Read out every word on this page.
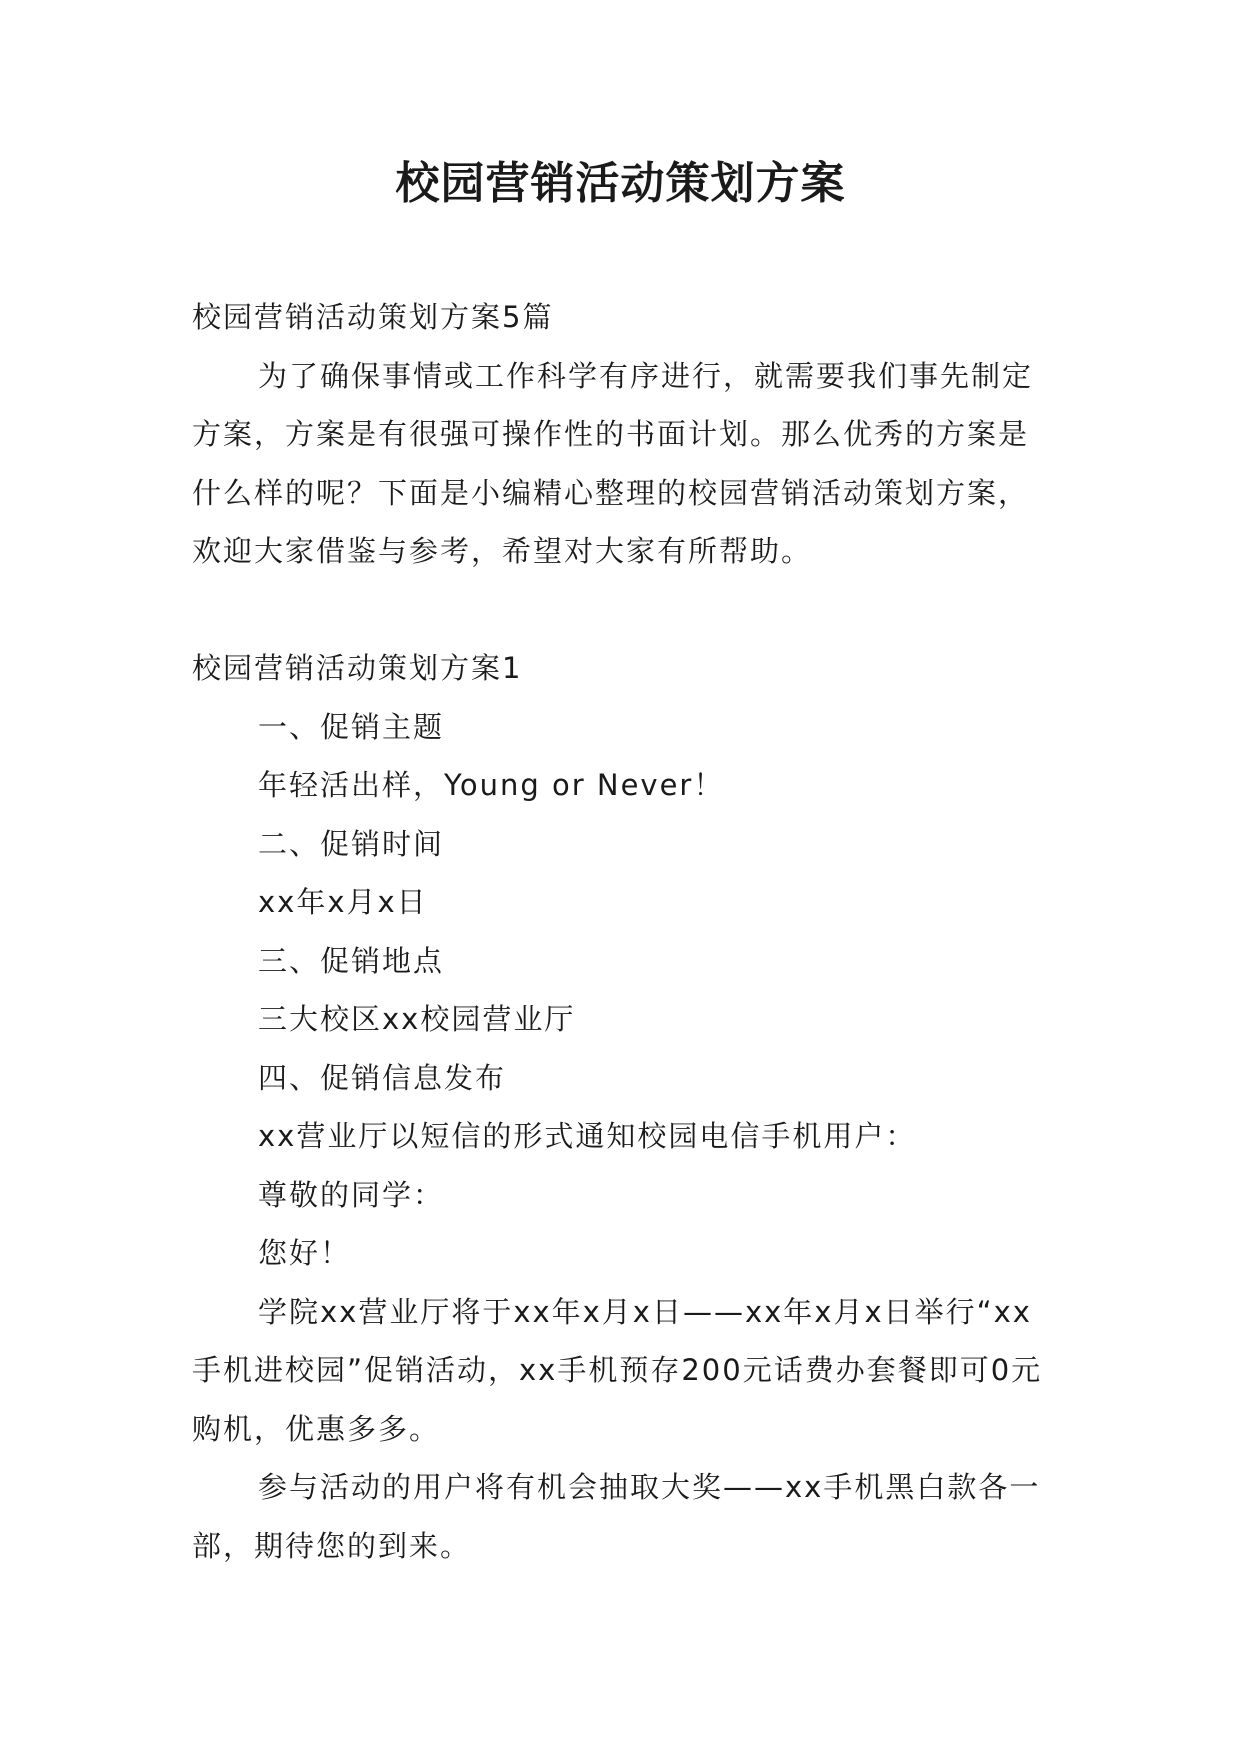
校园营销活动策划方案

校园营销活动策划方案5篇

为了确保事情或工作科学有序进行，就需要我们事先制定方案，方案是有很强可操作性的书面计划。那么优秀的方案是什么样的呢？下面是小编精心整理的校园营销活动策划方案，欢迎大家借鉴与参考，希望对大家有所帮助。

校园营销活动策划方案1

一、促销主题

年轻活出样，Young or Never！

二、促销时间

xx年x月x日

三、促销地点

三大校区xx校园营业厅

四、促销信息发布

xx营业厅以短信的形式通知校园电信手机用户：

尊敬的同学：

您好！

学院xx营业厅将于xx年x月x日——xx年x月x日举行“xx手机进校园”促销活动，xx手机预存200元话费办套餐即可0元购机，优惠多多。

参与活动的用户将有机会抽取大奖——xx手机黑白款各一部，期待您的到来。
